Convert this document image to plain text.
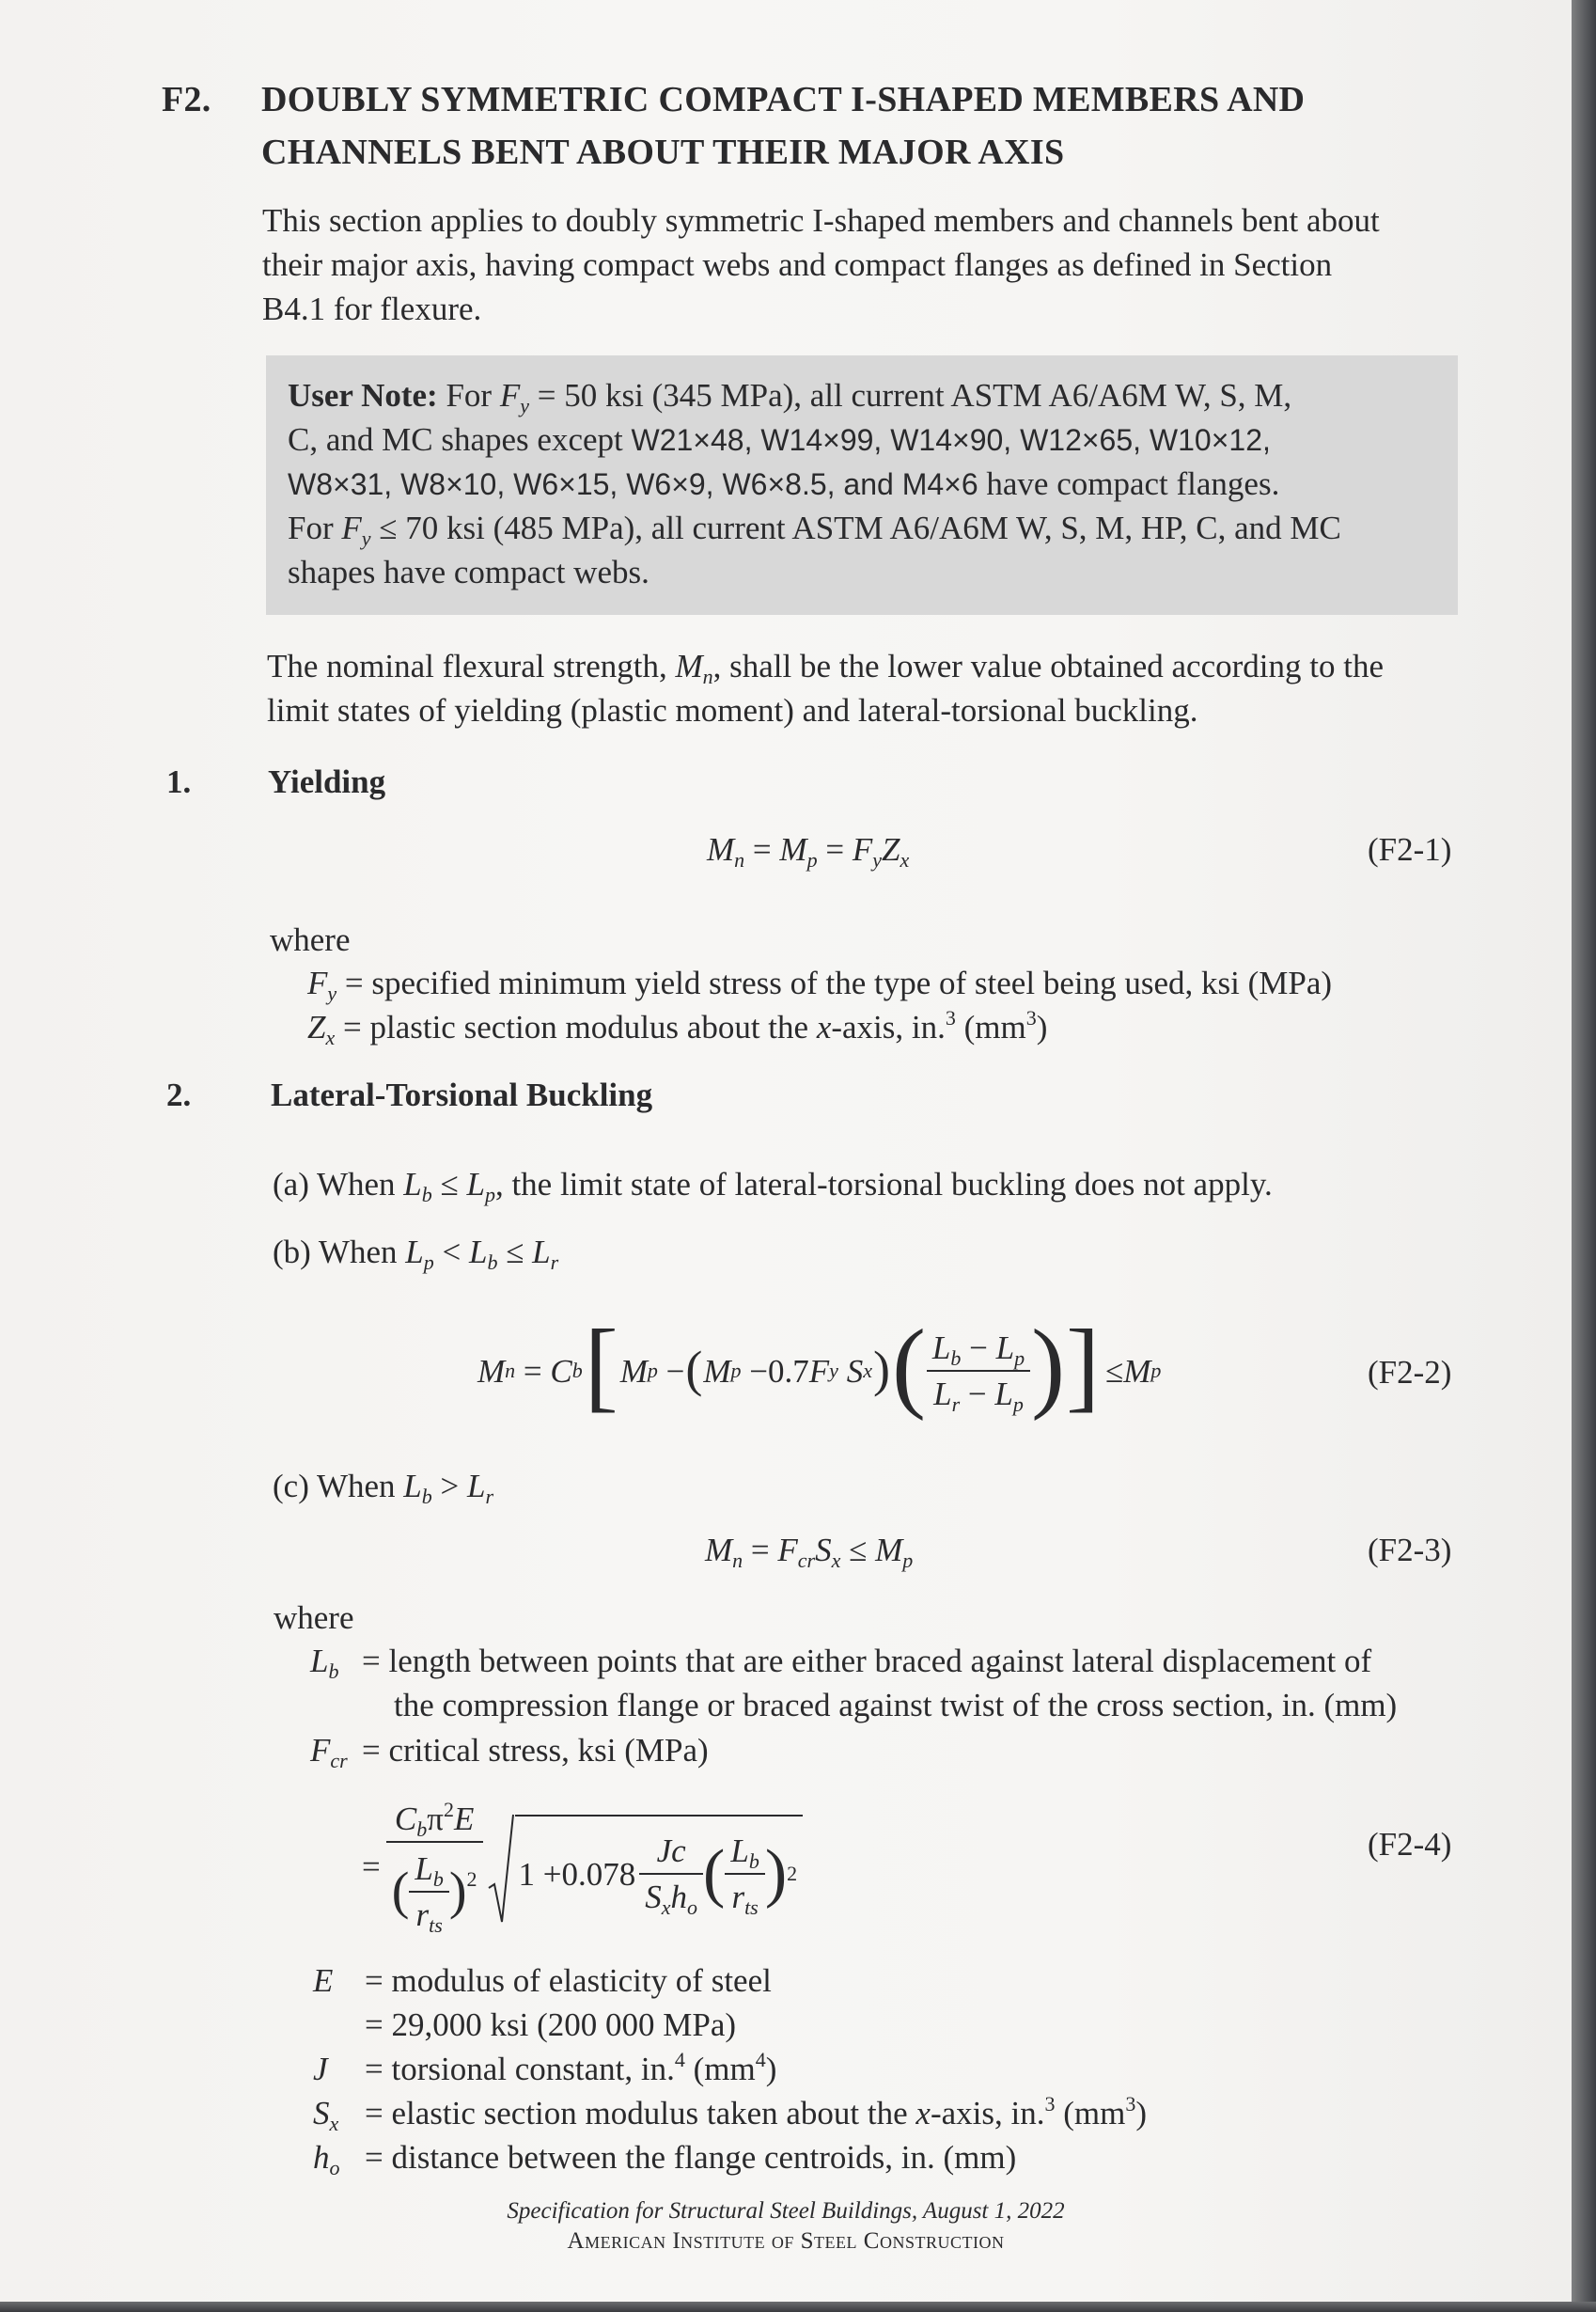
F2. DOUBLY SYMMETRIC COMPACT I-SHAPED MEMBERS AND
CHANNELS BENT ABOUT THEIR MAJOR AXIS
This section applies to doubly symmetric I-shaped members and channels bent about
their major axis, having compact webs and compact flanges as defined in Section
B4.1 for flexure.
User Note: For $F_y = 50$ ksi (345 MPa), all current ASTM A6/A6M W, S, M,
C, and MC shapes except W21×48, W14×99, W14×90, W12×65, W10×12,
W8×31, W8×10, W6×15, W6×9, W6×8.5, and M4×6 have compact flanges.
For $F_y \le 70$ ksi (485 MPa), all current ASTM A6/A6M W, S, M, HP, C, and MC
shapes have compact webs.
The nominal flexural strength, $M_n$, shall be the lower value obtained according to the
limit states of yielding (plastic moment) and lateral-torsional buckling.
1. Yielding
$M_n = M_p = F_yZ_x$	(F2-1)
where
$F_y$ = specified minimum yield stress of the type of steel being used, ksi (MPa)
$Z_x$ = plastic section modulus about the x-axis, in.$^3$ $(mm^3)$
2. Lateral-Torsional Buckling
(a) When $L_b \le L_p$, the limit state of lateral-torsional buckling does not apply.
(b) When $L_p < L_b \le L_r$
M n = C b [ M p − ( M p − 0.7 F y
S x ) ( $\frac{L_b - L_p}{L_r - L_p}$ ) ] ≤ M p	(F2-2)
(c) When $L_b > L_r$
$M_n = F_{cr}S_x \le M_p$	(F2-3)
where
$L_b$ = length between points that are either braced against lateral displacement of
the compression flange or braced against twist of the cross section, in. (mm)
$F_{cr}$ = critical stress, ksi (MPa)
= $\frac{C_b\pi^2E}{( \frac{L_b}{r_{ts}} )^2} 1 + 0.078 \frac{Jc}{S_xh_o}$ ( $\frac{L_b}{r_{ts}}$ ) 2
(F2-4)
E = modulus of elasticity of steel
= 29,000 ksi (200 000 MPa)
J = torsional constant, in.$^4$ $(mm^4)$
$S_x$ = elastic section modulus taken about the x-axis, in.$^3$ $(mm^3)$
$h_o$ = distance between the flange centroids, in. (mm)
Specification for Structural Steel Buildings, August 1, 2022
American Institute of Steel Construction
